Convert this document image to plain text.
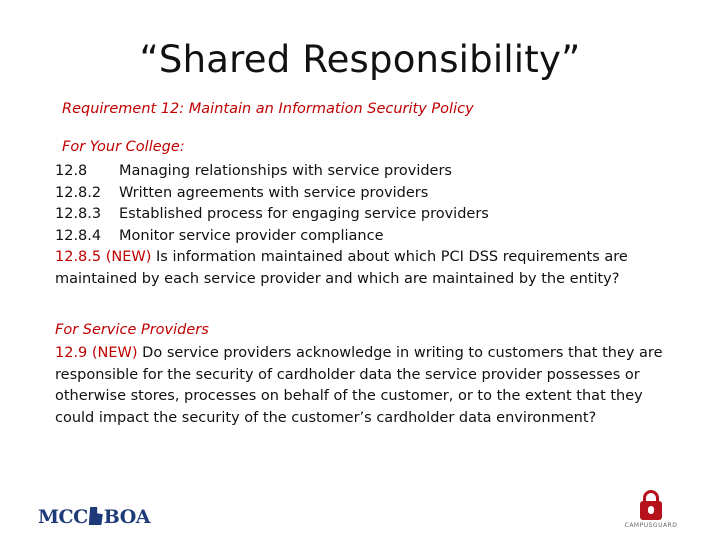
“Shared Responsibility”
Requirement 12: Maintain an Information Security Policy
For Your College:
12.8	Managing relationships with service providers
12.8.2	Written agreements with service providers
12.8.3	Established process for engaging service providers
12.8.4	Monitor service provider compliance
12.8.5 (NEW) Is information maintained about which PCI DSS requirements are maintained by each service provider and which are maintained by the entity?
For Service Providers
12.9 (NEW) Do service providers acknowledge in writing to customers that they are responsible for the security of cardholder data the service provider possesses or otherwise stores, processes on behalf of the customer, or to the extent that they could impact the security of the customer’s cardholder data environment?
MCC BOA	CAMPUSGUARD
